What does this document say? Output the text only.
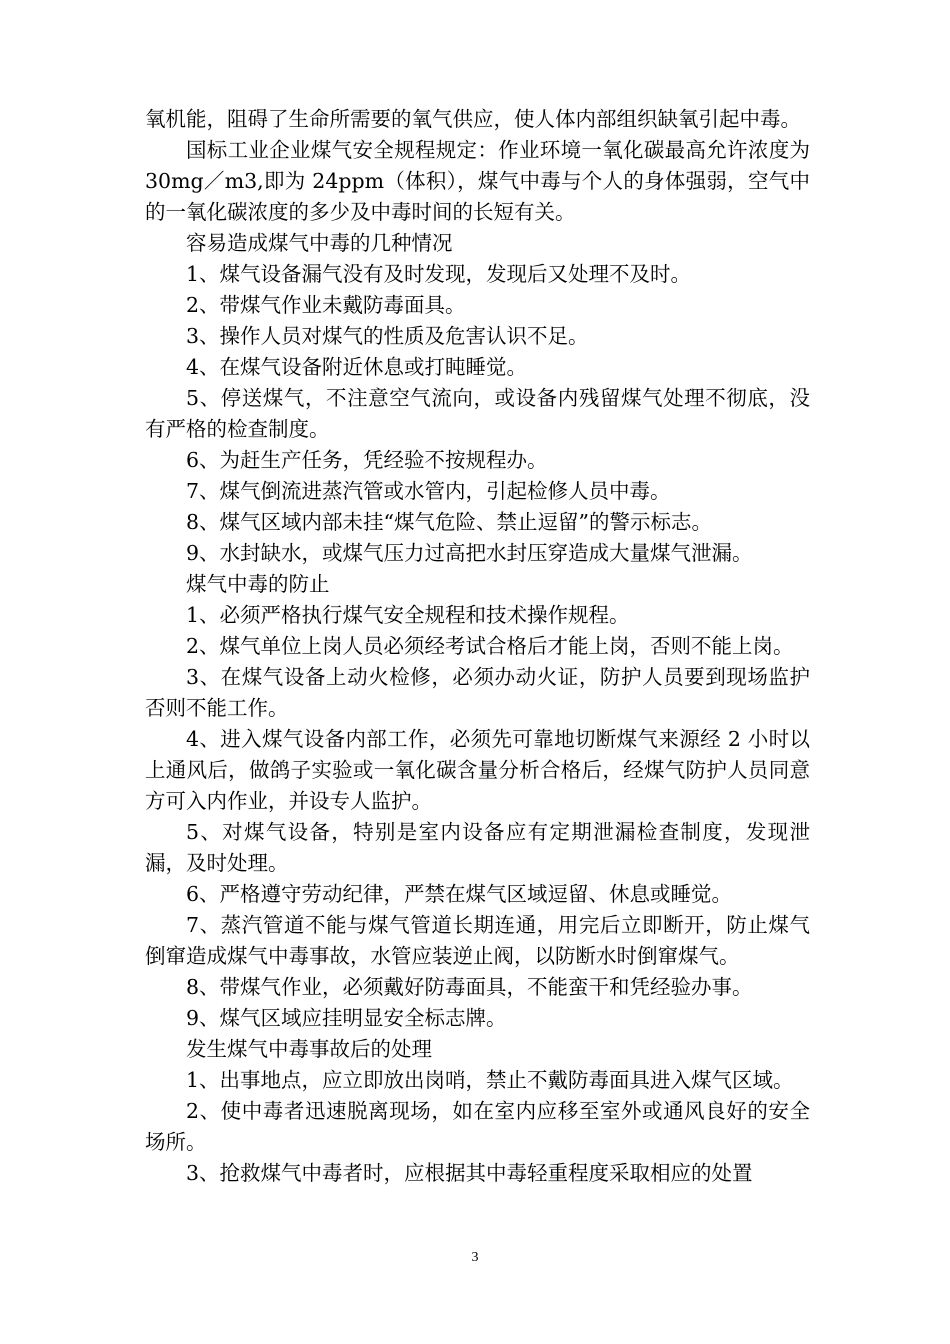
氧机能，阻碍了生命所需要的氧气供应，使人体内部组织缺氧引起中毒。

国标工业企业煤气安全规程规定：作业环境一氧化碳最高允许浓度为 30mg／m3,即为 24ppm（体积），煤气中毒与个人的身体强弱，空气中的一氧化碳浓度的多少及中毒时间的长短有关。

容易造成煤气中毒的几种情况

1、煤气设备漏气没有及时发现，发现后又处理不及时。

2、带煤气作业未戴防毒面具。

3、操作人员对煤气的性质及危害认识不足。

4、在煤气设备附近休息或打盹睡觉。

5、停送煤气，不注意空气流向，或设备内残留煤气处理不彻底，没有严格的检查制度。

6、为赶生产任务，凭经验不按规程办。

7、煤气倒流进蒸汽管或水管内，引起检修人员中毒。

8、煤气区域内部未挂“煤气危险、禁止逗留”的警示标志。

9、水封缺水，或煤气压力过高把水封压穿造成大量煤气泄漏。

煤气中毒的防止

1、必须严格执行煤气安全规程和技术操作规程。

2、煤气单位上岗人员必须经考试合格后才能上岗，否则不能上岗。

3、在煤气设备上动火检修，必须办动火证，防护人员要到现场监护否则不能工作。

4、进入煤气设备内部工作，必须先可靠地切断煤气来源经 2 小时以上通风后，做鸽子实验或一氧化碳含量分析合格后，经煤气防护人员同意方可入内作业，并设专人监护。

5、对煤气设备，特别是室内设备应有定期泄漏检查制度，发现泄漏，及时处理。

6、严格遵守劳动纪律，严禁在煤气区域逗留、休息或睡觉。

7、蒸汽管道不能与煤气管道长期连通，用完后立即断开，防止煤气倒窜造成煤气中毒事故，水管应装逆止阀，以防断水时倒窜煤气。

8、带煤气作业，必须戴好防毒面具，不能蛮干和凭经验办事。

9、煤气区域应挂明显安全标志牌。

发生煤气中毒事故后的处理

1、出事地点，应立即放出岗哨，禁止不戴防毒面具进入煤气区域。

2、使中毒者迅速脱离现场，如在室内应移至室外或通风良好的安全场所。

3、抢救煤气中毒者时，应根据其中毒轻重程度采取相应的处置

3
